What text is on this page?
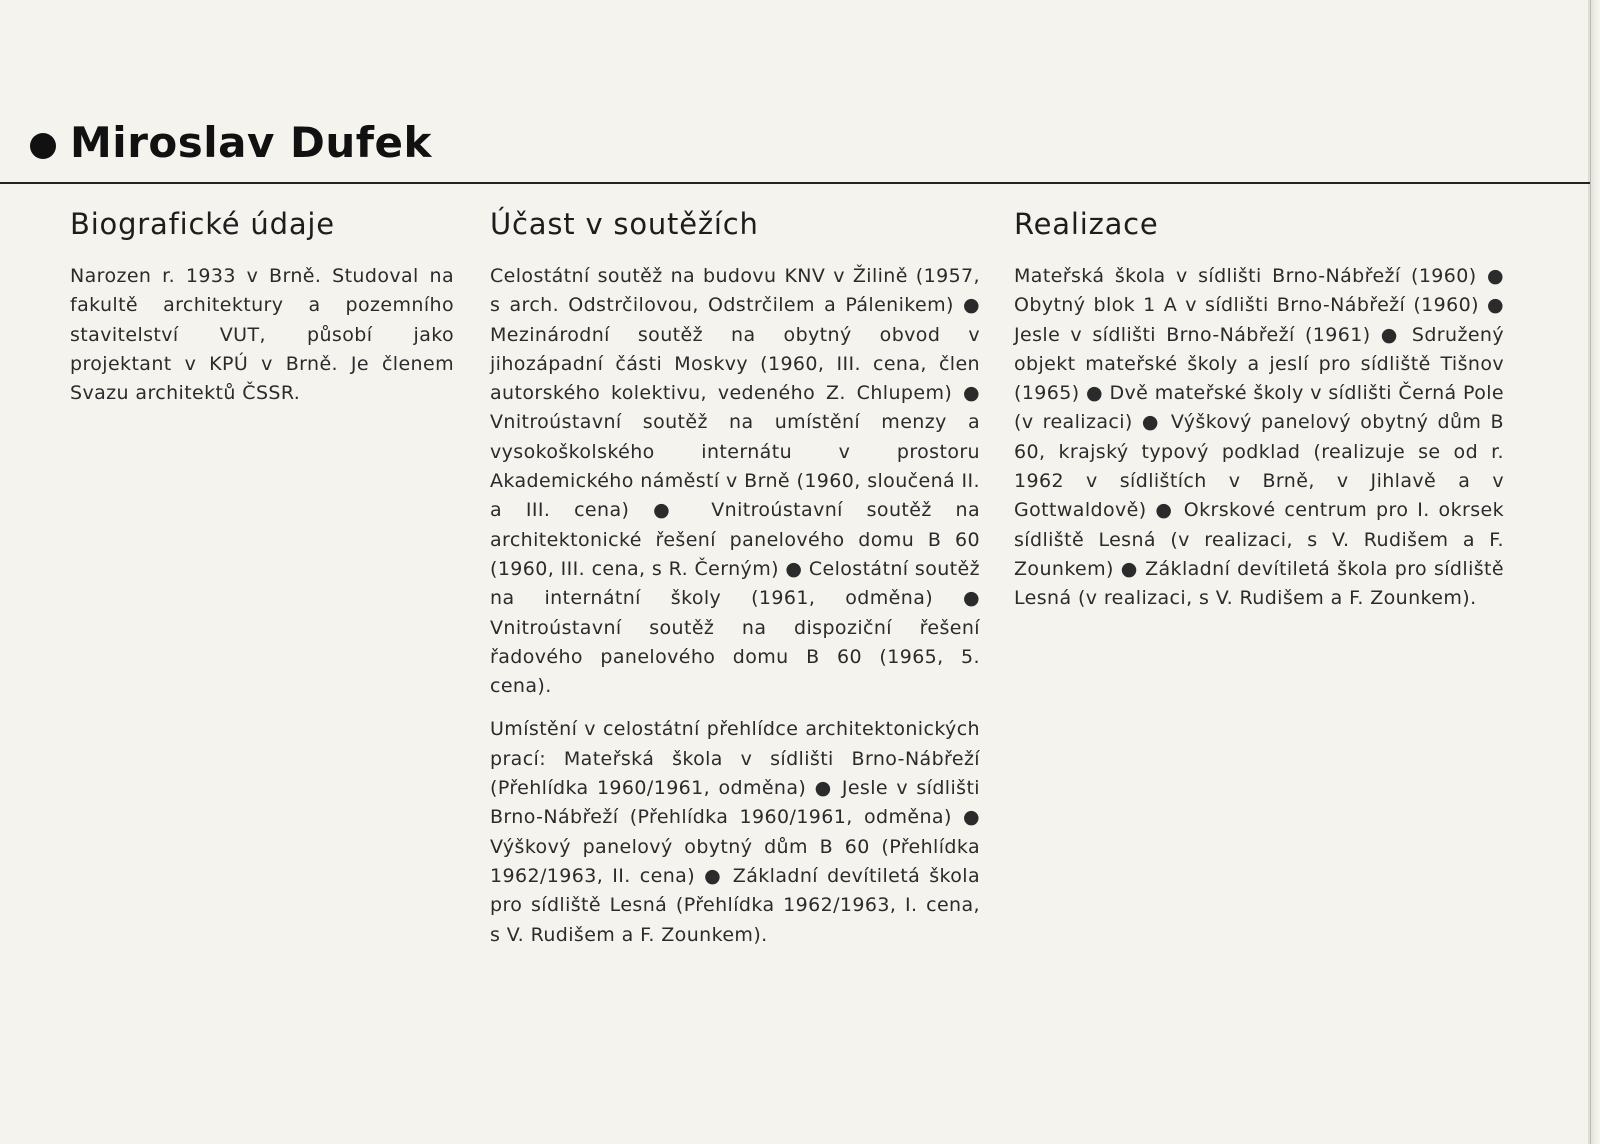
Miroslav Dufek
Biografické údaje

Narozen r. 1933 v Brně. Studoval na fakultě architektury a pozemního stavitelství VUT, působí jako projektant v KPÚ v Brně. Je členem Svazu architektů ČSSR.

Účast v soutěžích

Celostátní soutěž na budovu KNV v Žilině (1957, s arch. Odstrčilovou, Odstrčilem a Pálenikem) ● Mezinárodní soutěž na obytný obvod v jihozápadní části Moskvy (1960, III. cena, člen autorského kolektivu, vedeného Z. Chlupem) ● Vnitroústavní soutěž na umístění menzy a vysokoškolského internátu v prostoru Akademického náměstí v Brně (1960, sloučená II. a III. cena) ● Vnitroústavní soutěž na architektonické řešení panelového domu B 60 (1960, III. cena, s R. Černým) ● Celostátní soutěž na internátní školy (1961, odměna) ● Vnitroústavní soutěž na dispoziční řešení řadového panelového domu B 60 (1965, 5. cena).

Umístění v celostátní přehlídce architektonických prací: Mateřská škola v sídlišti Brno-Nábřeží (Přehlídka 1960/1961, odměna) ● Jesle v sídlišti Brno-Nábřeží (Přehlídka 1960/1961, odměna) ● Výškový panelový obytný dům B 60 (Přehlídka 1962/1963, II. cena) ● Základní devítiletá škola pro sídliště Lesná (Přehlídka 1962/1963, I. cena, s V. Rudišem a F. Zounkem).

Realizace

Mateřská škola v sídlišti Brno-Nábřeží (1960) ● Obytný blok 1 A v sídlišti Brno-Nábřeží (1960) ● Jesle v sídlišti Brno-Nábřeží (1961) ● Sdružený objekt mateřské školy a jeslí pro sídliště Tišnov (1965) ● Dvě mateřské školy v sídlišti Černá Pole (v realizaci) ● Výškový panelový obytný dům B 60, krajský typový podklad (realizuje se od r. 1962 v sídlištích v Brně, v Jihlavě a v Gottwaldově) ● Okrskové centrum pro I. okrsek sídliště Lesná (v realizaci, s V. Rudišem a F. Zounkem) ● Základní devítiletá škola pro sídliště Lesná (v realizaci, s V. Rudišem a F. Zounkem).
